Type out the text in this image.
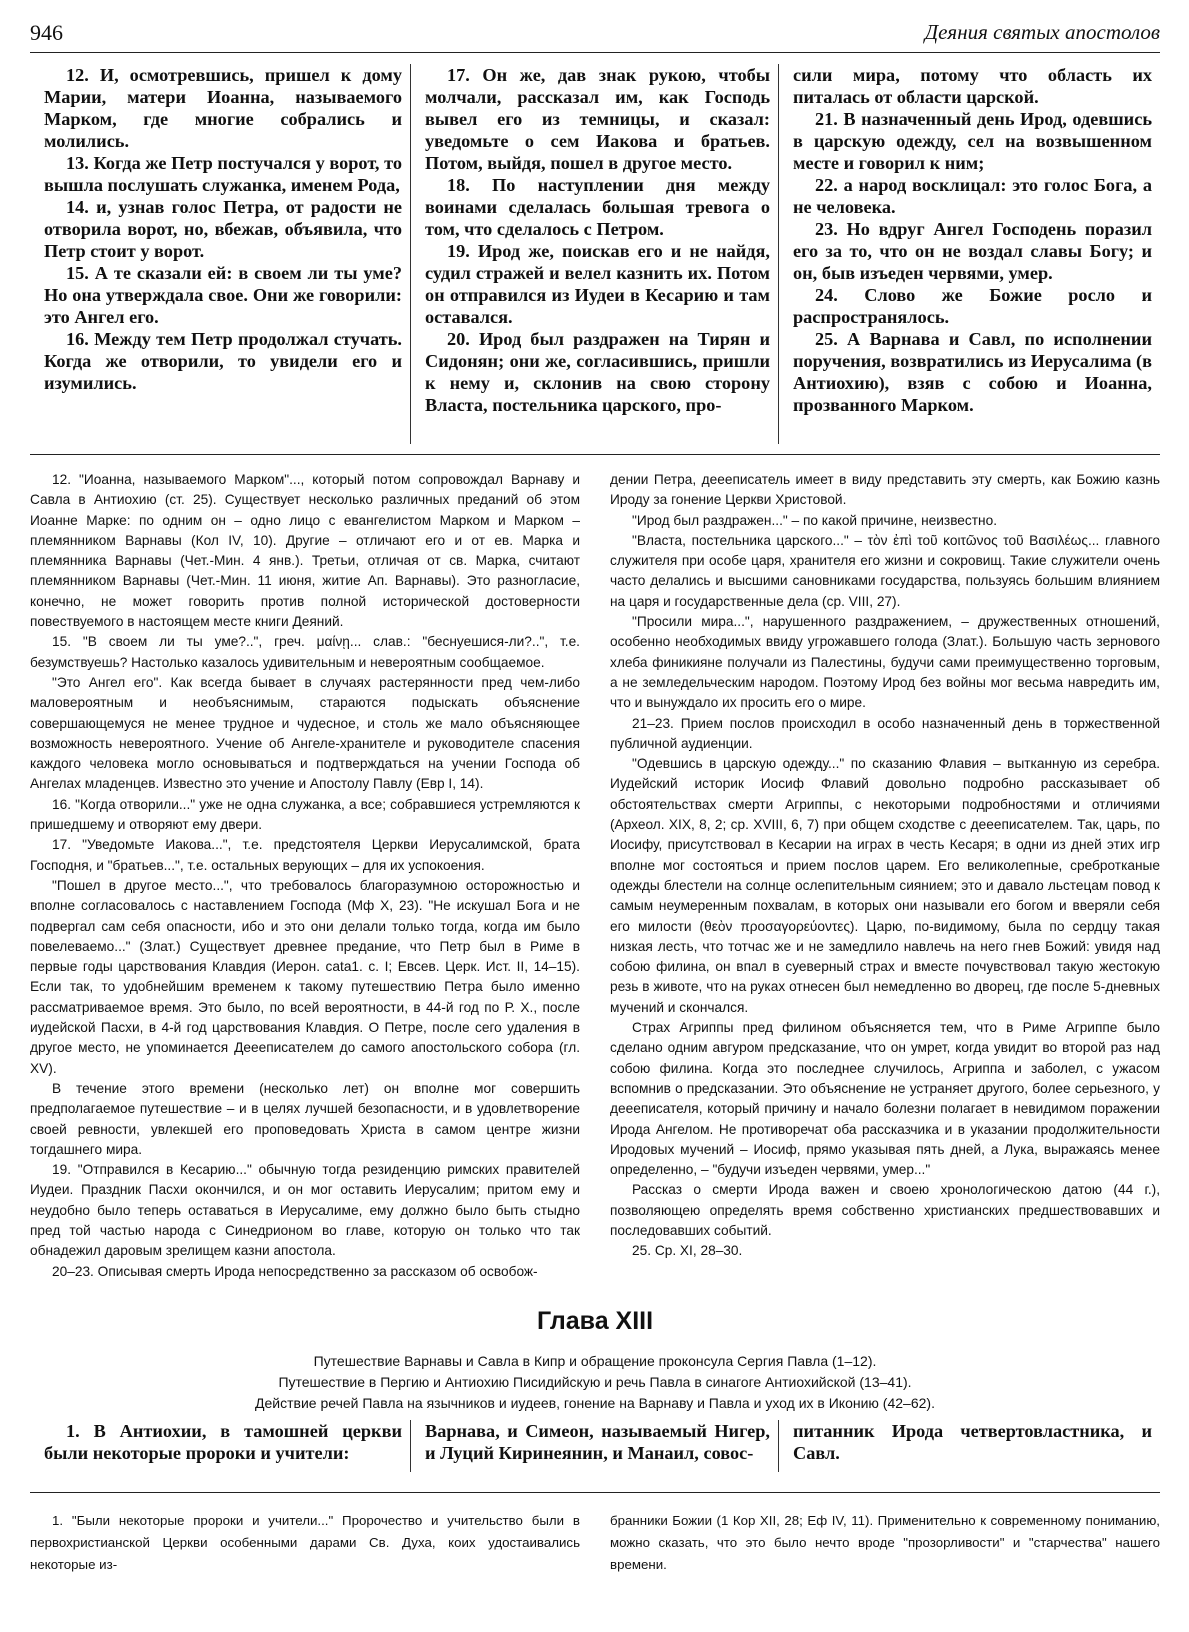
946	Деяния святых апостолов

12. И, осмотревшись, пришел к дому Марии, матери Иоанна, называемого Марком, где многие собрались и молились.

13. Когда же Петр постучался у ворот, то вышла послушать служанка, именем Рода,

14. и, узнав голос Петра, от радости не отворила ворот, но, вбежав, объявила, что Петр стоит у ворот.

15. А те сказали ей: в своем ли ты уме? Но она утверждала свое. Они же говорили: это Ангел его.

16. Между тем Петр продолжал стучать. Когда же отворили, то увидели его и изумились.

17. Он же, дав знак рукою, чтобы молчали, рассказал им, как Господь вывел его из темницы, и сказал: уведомьте о сем Иакова и братьев. Потом, выйдя, пошел в другое место.

18. По наступлении дня между воинами сделалась большая тревога о том, что сделалось с Петром.

19. Ирод же, поискав его и не найдя, судил стражей и велел казнить их. Потом он отправился из Иудеи в Кесарию и там оставался.

20. Ирод был раздражен на Тирян и Сидонян; они же, согласившись, пришли к нему и, склонив на свою сторону Власта, постельника царского, про-

сили мира, потому что область их питалась от области царской.

21. В назначенный день Ирод, одевшись в царскую одежду, сел на возвышенном месте и говорил к ним;

22. а народ восклицал: это голос Бога, а не человека.

23. Но вдруг Ангел Господень поразил его за то, что он не воздал славы Богу; и он, быв изъеден червями, умер.

24. Слово же Божие росло и распространялось.

25. А Варнава и Савл, по исполнении поручения, возвратились из Иерусалима (в Антиохию), взяв с собою и Иоанна, прозванного Марком.

12. "Иоанна, называемого Марком"..., который потом сопровождал Варнаву и Савла в Антиохию (ст. 25). Существует несколько различных преданий об этом Иоанне Марке: по одним он – одно лицо с евангелистом Марком и Марком – племянником Варнавы (Кол IV, 10). Другие – отличают его и от ев. Марка и племянника Варнавы (Чет.-Мин. 4 янв.). Третьи, отличая от св. Марка, считают племянником Варнавы (Чет.-Мин. 11 июня, житие Ап. Варнавы). Это разногласие, конечно, не может говорить против полной исторической достоверности повествуемого в настоящем месте книги Деяний.

15. "В своем ли ты уме?..", греч. μαίνῃ... слав.: "беснуешися-ли?..", т.е. безумствуешь? Настолько казалось удивительным и невероятным сообщаемое.

"Это Ангел его". Как всегда бывает в случаях растерянности пред чем-либо маловероятным и необъяснимым, стараются подыскать объяснение совершающемуся не менее трудное и чудесное, и столь же мало объясняющее возможность невероятного. Учение об Ангеле-хранителе и руководителе спасения каждого человека могло основываться и подтверждаться на учении Господа об Ангелах младенцев. Известно это учение и Апостолу Павлу (Евр I, 14).

16. "Когда отворили..." уже не одна служанка, а все; собравшиеся устремляются к пришедшему и отворяют ему двери.

17. "Уведомьте Иакова...", т.е. предстоятеля Церкви Иерусалимской, брата Господня, и "братьев...", т.е. остальных верующих – для их успокоения.

"Пошел в другое место...", что требовалось благоразумною осторожностью и вполне согласовалось с наставлением Господа (Мф X, 23). "Не искушал Бога и не подвергал сам себя опасности, ибо и это они делали только тогда, когда им было повелеваемо..." (Злат.) Существует древнее предание, что Петр был в Риме в первые годы царствования Клавдия (Иерон. cata1. c. I; Евсев. Церк. Ист. II, 14–15). Если так, то удобнейшим временем к такому путешествию Петра было именно рассматриваемое время. Это было, по всей вероятности, в 44-й год по Р. Х., после иудейской Пасхи, в 4-й год царствования Клавдия. О Петре, после сего удаления в другое место, не упоминается Деееписателем до самого апостольского собора (гл. XV).

В течение этого времени (несколько лет) он вполне мог совершить предполагаемое путешествие – и в целях лучшей безопасности, и в удовлетворение своей ревности, увлекшей его проповедовать Христа в самом центре жизни тогдашнего мира.

19. "Отправился в Кесарию..." обычную тогда резиденцию римских правителей Иудеи. Праздник Пасхи окончился, и он мог оставить Иерусалим; притом ему и неудобно было теперь оставаться в Иерусалиме, ему должно было быть стыдно пред той частью народа с Синедрионом во главе, которую он только что так обнадежил даровым зрелищем казни апостола.

20–23. Описывая смерть Ирода непосредственно за рассказом об освобож-

дении Петра, деееписатель имеет в виду представить эту смерть, как Божию казнь Ироду за гонение Церкви Христовой.

"Ирод был раздражен..." – по какой причине, неизвестно.

"Власта, постельника царского..." – τὸν ἐπὶ τοῦ κοιτῶνος τοῦ Βασιλέως... главного служителя при особе царя, хранителя его жизни и сокровищ. Такие служители очень часто делались и высшими сановниками государства, пользуясь большим влиянием на царя и государственные дела (ср. VIII, 27).

"Просили мира...", нарушенного раздражением, – дружественных отношений, особенно необходимых ввиду угрожавшего голода (Злат.). Большую часть зернового хлеба финикияне получали из Палестины, будучи сами преимущественно торговым, а не земледельческим народом. Поэтому Ирод без войны мог весьма навредить им, что и вынуждало их просить его о мире.

21–23. Прием послов происходил в особо назначенный день в торжественной публичной аудиенции.

"Одевшись в царскую одежду..." по сказанию Флавия – вытканную из серебра. Иудейский историк Иосиф Флавий довольно подробно рассказывает об обстоятельствах смерти Агриппы, с некоторыми подробностями и отличиями (Археол. XIX, 8, 2; ср. XVIII, 6, 7) при общем сходстве с деееписателем. Так, царь, по Иосифу, присутствовал в Кесарии на играх в честь Кесаря; в одни из дней этих игр вполне мог состояться и прием послов царем. Его великолепные, сребротканые одежды блестели на солнце ослепительным сиянием; это и давало льстецам повод к самым неумеренным похвалам, в которых они называли его богом и вверяли себя его милости (θεὸν προσαγορεύοντες). Царю, по-видимому, была по сердцу такая низкая лесть, что тотчас же и не замедлило навлечь на него гнев Божий: увидя над собою филина, он впал в суеверный страх и вместе почувствовал такую жестокую резь в животе, что на руках отнесен был немедленно во дворец, где после 5-дневных мучений и скончался.

Страх Агриппы пред филином объясняется тем, что в Риме Агриппе было сделано одним авгуром предсказание, что он умрет, когда увидит во второй раз над собою филина. Когда это последнее случилось, Агриппа и заболел, с ужасом вспомнив о предсказании. Это объяснение не устраняет другого, более серьезного, у деееписателя, который причину и начало болезни полагает в невидимом поражении Ирода Ангелом. Не противоречат оба рассказчика и в указании продолжительности Иродовых мучений – Иосиф, прямо указывая пять дней, а Лука, выражаясь менее определенно, – "будучи изъеден червями, умер..."

Рассказ о смерти Ирода важен и своею хронологическою датою (44 г.), позволяющею определять время собственно христианских предшествовавших и последовавших событий.

25. Ср. XI, 28–30.

Глава XIII
Путешествие Варнавы и Савла в Кипр и обращение проконсула Сергия Павла (1–12).
Путешествие в Пергию и Антиохию Писидийскую и речь Павла в синагоге Антиохийской (13–41).
Действие речей Павла на язычников и иудеев, гонение на Варнаву и Павла и уход их в Иконию (42–62).

1. В Антиохии, в тамошней церкви были некоторые пророки и учители:

Варнава, и Симеон, называемый Нигер, и Луций Киринеянин, и Манаил, совос-

питанник Ирода четвертовластника, и Савл.

1. "Были некоторые пророки и учители..." Пророчество и учительство были в первохристианской Церкви особенными дарами Св. Духа, коих удостаивались некоторые из-

бранники Божии (1 Кор XII, 28; Еф IV, 11). Применительно к современному пониманию, можно сказать, что это было нечто вроде "прозорливости" и "старчества" нашего времени.
